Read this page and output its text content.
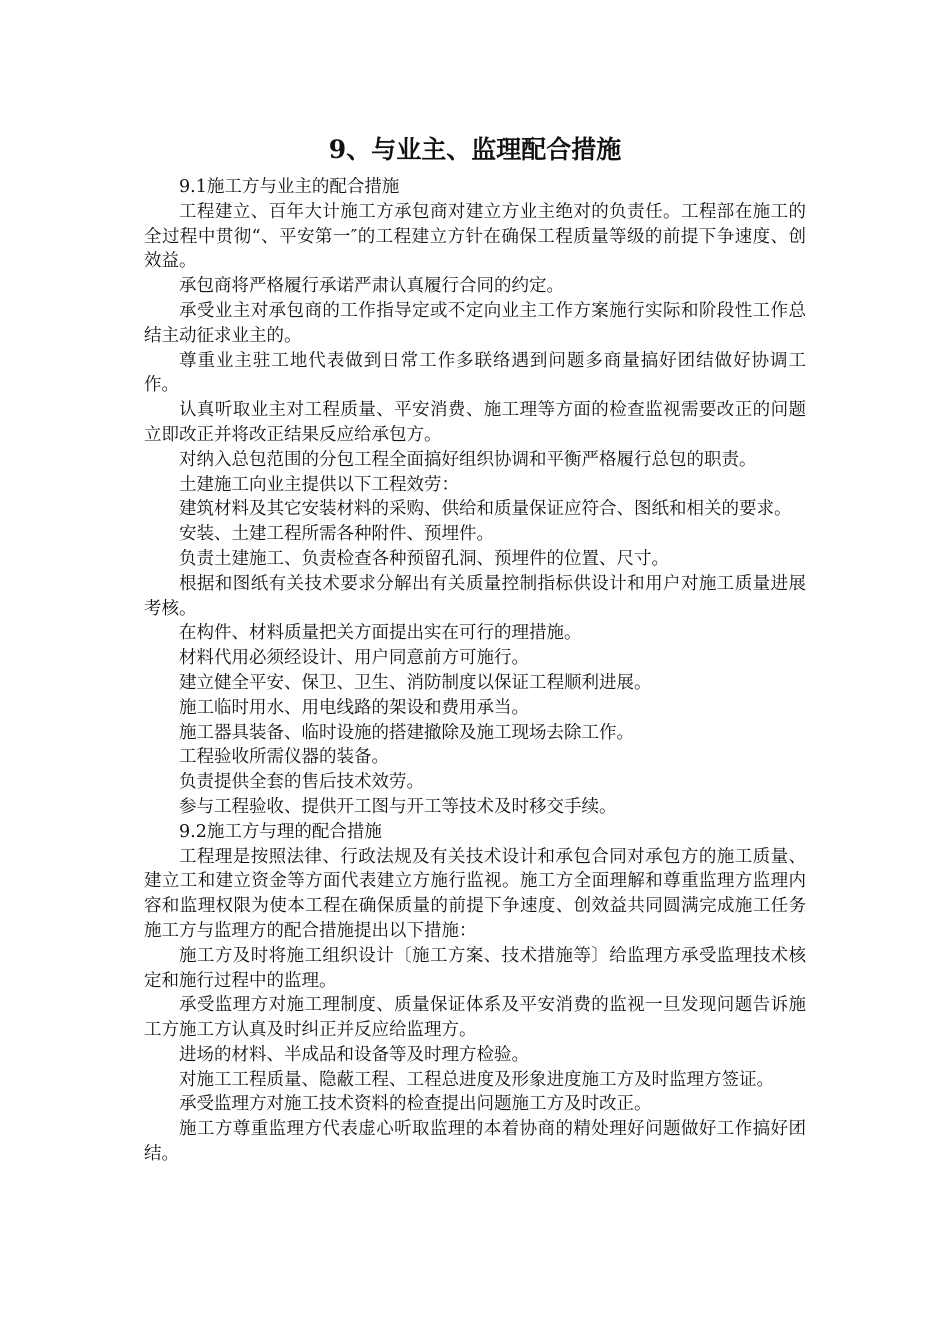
9、与业主、监理配合措施

9.1施工方与业主的配合措施

工程建立、百年大计施工方承包商对建立方业主绝对的负责任。工程部在施工的全过程中贯彻“、平安第一″的工程建立方针在确保工程质量等级的前提下争速度、创效益。

承包商将严格履行承诺严肃认真履行合同的约定。

承受业主对承包商的工作指导定或不定向业主工作方案施行实际和阶段性工作总结主动征求业主的。

尊重业主驻工地代表做到日常工作多联络遇到问题多商量搞好团结做好协调工作。

认真听取业主对工程质量、平安消费、施工理等方面的检查监视需要改正的问题立即改正并将改正结果反应给承包方。

对纳入总包范围的分包工程全面搞好组织协调和平衡严格履行总包的职责。

土建施工向业主提供以下工程效劳：

建筑材料及其它安装材料的采购、供给和质量保证应符合、图纸和相关的要求。

安装、土建工程所需各种附件、预埋件。

负责土建施工、负责检查各种预留孔洞、预埋件的位置、尺寸。

根据和图纸有关技术要求分解出有关质量控制指标供设计和用户对施工质量进展考核。

在构件、材料质量把关方面提出实在可行的理措施。

材料代用必须经设计、用户同意前方可施行。

建立健全平安、保卫、卫生、消防制度以保证工程顺利进展。

施工临时用水、用电线路的架设和费用承当。

施工器具装备、临时设施的搭建撤除及施工现场去除工作。

工程验收所需仪器的装备。

负责提供全套的售后技术效劳。

参与工程验收、提供开工图与开工等技术及时移交手续。

9.2施工方与理的配合措施

工程理是按照法律、行政法规及有关技术设计和承包合同对承包方的施工质量、建立工和建立资金等方面代表建立方施行监视。施工方全面理解和尊重监理方监理内容和监理权限为使本工程在确保质量的前提下争速度、创效益共同圆满完成施工任务施工方与监理方的配合措施提出以下措施：

施工方及时将施工组织设计〔施工方案、技术措施等〕给监理方承受监理技术核定和施行过程中的监理。

承受监理方对施工理制度、质量保证体系及平安消费的监视一旦发现问题告诉施工方施工方认真及时纠正并反应给监理方。

进场的材料、半成品和设备等及时理方检验。

对施工工程质量、隐蔽工程、工程总进度及形象进度施工方及时监理方签证。

承受监理方对施工技术资料的检查提出问题施工方及时改正。

施工方尊重监理方代表虚心听取监理的本着协商的精处理好问题做好工作搞好团结。
